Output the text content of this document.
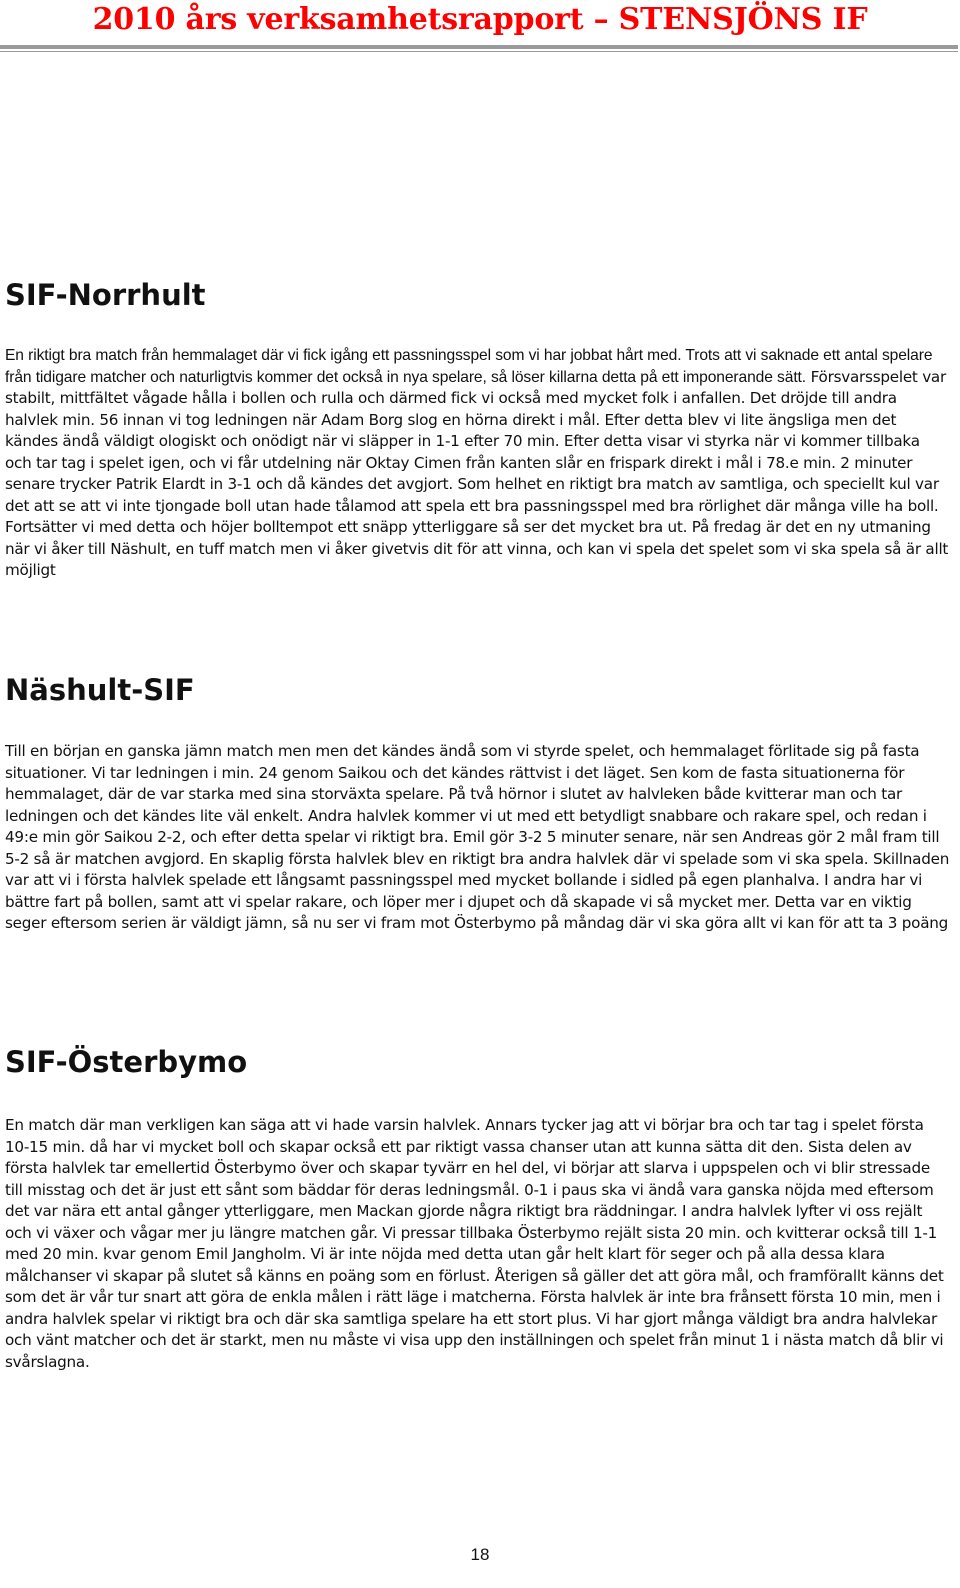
2010 års verksamhetsrapport – STENSJÖNS IF
SIF-Norrhult

En riktigt bra match från hemmalaget där vi fick igång ett passningsspel som vi har jobbat hårt med. Trots att vi saknade ett antal spelare från tidigare matcher och naturligtvis kommer det också in nya spelare, så löser killarna detta på ett imponerande sätt. Försvarsspelet var stabilt, mittfältet vågade hålla i bollen och rulla och därmed fick vi också med mycket folk i anfallen. Det dröjde till andra halvlek min. 56 innan vi tog ledningen när Adam Borg slog en hörna direkt i mål. Efter detta blev vi lite ängsliga men det kändes ändå väldigt ologiskt och onödigt när vi släpper in 1-1 efter 70 min. Efter detta visar vi styrka när vi kommer tillbaka och tar tag i spelet igen, och vi får utdelning när Oktay Cimen från kanten slår en frispark direkt i mål i 78.e min. 2 minuter senare trycker Patrik Elardt in 3-1 och då kändes det avgjort. Som helhet en riktigt bra match av samtliga, och speciellt kul var det att se att vi inte tjongade boll utan hade tålamod att spela ett bra passningsspel med bra rörlighet där många ville ha boll. Fortsätter vi med detta och höjer bolltempot ett snäpp ytterliggare så ser det mycket bra ut. På fredag är det en ny utmaning när vi åker till Näshult, en tuff match men vi åker givetvis dit för att vinna, och kan vi spela det spelet som vi ska spela så är allt möjligt

Näshult-SIF

Till en början en ganska jämn match men men det kändes ändå som vi styrde spelet, och hemmalaget förlitade sig på fasta situationer. Vi tar ledningen i min. 24 genom Saikou och det kändes rättvist i det läget. Sen kom de fasta situationerna för hemmalaget, där de var starka med sina storväxta spelare. På två hörnor i slutet av halvleken både kvitterar man och tar ledningen och det kändes lite väl enkelt. Andra halvlek kommer vi ut med ett betydligt snabbare och rakare spel, och redan i 49:e min gör Saikou 2-2, och efter detta spelar vi riktigt bra. Emil gör 3-2 5 minuter senare, när sen Andreas gör 2 mål fram till 5-2 så är matchen avgjord. En skaplig första halvlek blev en riktigt bra andra halvlek där vi spelade som vi ska spela. Skillnaden var att vi i första halvlek spelade ett långsamt passningsspel med mycket bollande i sidled på egen planhalva. I andra har vi bättre fart på bollen, samt att vi spelar rakare, och löper mer i djupet och då skapade vi så mycket mer. Detta var en viktig seger eftersom serien är väldigt jämn, så nu ser vi fram mot Österbymo på måndag där vi ska göra allt vi kan för att ta 3 poäng

SIF-Österbymo

En match där man verkligen kan säga att vi hade varsin halvlek. Annars tycker jag att vi börjar bra och tar tag i spelet första 10-15 min. då har vi mycket boll och skapar också ett par riktigt vassa chanser utan att kunna sätta dit den. Sista delen av första halvlek tar emellertid Österbymo över och skapar tyvärr en hel del, vi börjar att slarva i uppspelen och vi blir stressade till misstag och det är just ett sånt som bäddar för deras ledningsmål. 0-1 i paus ska vi ändå vara ganska nöjda med eftersom det var nära ett antal gånger ytterliggare, men Mackan gjorde några riktigt bra räddningar. I andra halvlek lyfter vi oss rejält och vi växer och vågar mer ju längre matchen går. Vi pressar tillbaka Österbymo rejält sista 20 min. och kvitterar också till 1-1 med 20 min. kvar genom Emil Jangholm. Vi är inte nöjda med detta utan går helt klart för seger och på alla dessa klara målchanser vi skapar på slutet så känns en poäng som en förlust. Återigen så gäller det att göra mål, och framförallt känns det som det är vår tur snart att göra de enkla målen i rätt läge i matcherna. Första halvlek är inte bra frånsett första 10 min, men i andra halvlek spelar vi riktigt bra och där ska samtliga spelare ha ett stort plus. Vi har gjort många väldigt bra andra halvlekar och vänt matcher och det är starkt, men nu måste vi visa upp den inställningen och spelet från minut 1 i nästa match då blir vi svårslagna.

18
